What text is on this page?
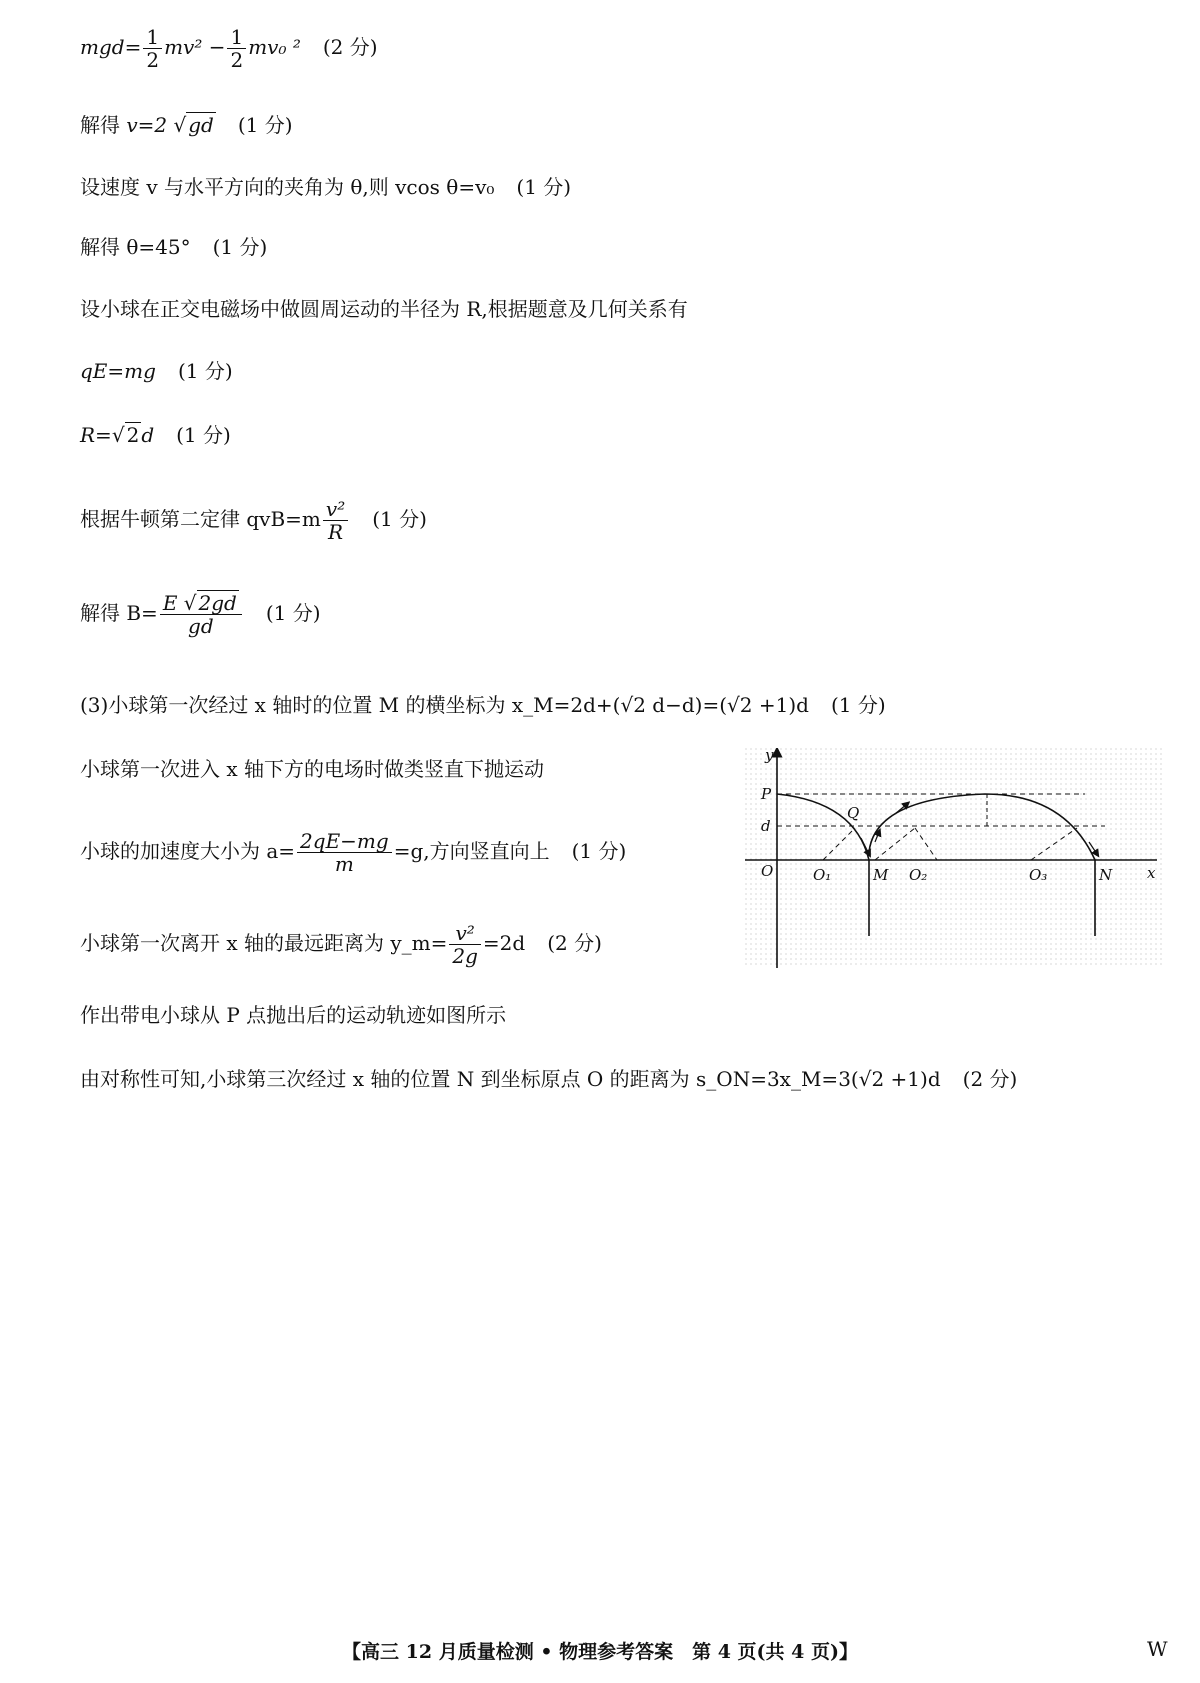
$mgd= \frac{1}{2} mv^2 - \frac{1}{2} mv_0$ ² (2 分)
解得 v=2 √ gd (1 分)
设速度 v 与水平方向的夹角为 θ,则 vcos θ=v₀ (1 分)
解得 θ=45° (1 分)
设小球在正交电磁场中做圆周运动的半径为 R,根据题意及几何关系有
qE=mg (1 分)
R=√ 2 d (1 分)
根据牛顿第二定律 $qvB=m \frac{\text{v²}}{R} (1$ 分)
解得 $B= \frac{E √ 2gd}{gd} (1$ 分)
(3)小球第一次经过 x 轴时的位置 M 的横坐标为 x_M=2d+(√2 d−d)=(√2 +1)d (1 分)
小球第一次进入 x 轴下方的电场时做类竖直下抛运动
小球的加速度大小为 $a= \frac{2qE-mg}{m} =g$,方向竖直向上 (1 分)
小球第一次离开 x 轴的最远距离为 y_m= $\frac{\text{v²}}{2g} =2d$ (2 分)
作出带电小球从 P 点抛出后的运动轨迹如图所示
由对称性可知,小球第三次经过 x 轴的位置 N 到坐标原点 O 的距离为 s_ON=3x_M=3(√2 +1)d (2 分)
y
x
P
d
Q
O	O₁	M O₂	O₃	N
【高三 12 月质量检测 • 物理参考答案　第 4 页(共 4 页)】	W
